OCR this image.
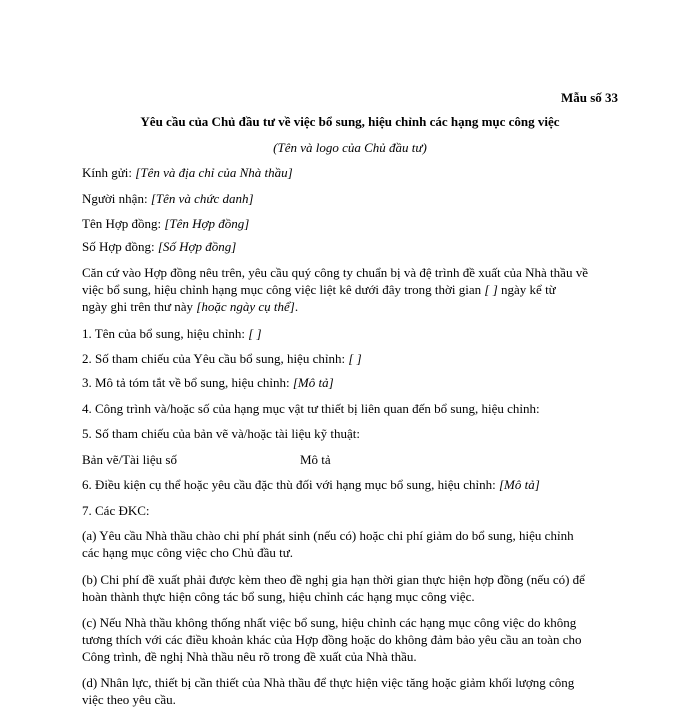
Mẫu số 33
Yêu cầu của Chủ đầu tư về việc bổ sung, hiệu chỉnh các hạng mục công việc
(Tên và logo của Chủ đầu tư)

Kính gửi: [Tên và địa chỉ của Nhà thầu]

Người nhận: [Tên và chức danh]

Tên Hợp đồng: [Tên Hợp đồng]

Số Hợp đồng: [Số Hợp đồng]

Căn cứ vào Hợp đồng nêu trên, yêu cầu quý công ty chuẩn bị và đệ trình đề xuất của Nhà thầu về

việc bổ sung, hiệu chỉnh hạng mục công việc liệt kê dưới đây trong thời gian [ ] ngày kể từ

ngày ghi trên thư này [hoặc ngày cụ thể].

1. Tên của bổ sung, hiệu chỉnh: [ ]

2. Số tham chiếu của Yêu cầu bổ sung, hiệu chỉnh: [ ]

3. Mô tả tóm tắt về bổ sung, hiệu chỉnh: [Mô tả]

4. Công trình và/hoặc số của hạng mục vật tư thiết bị liên quan đến bổ sung, hiệu chỉnh:

5. Số tham chiếu của bản vẽ và/hoặc tài liệu kỹ thuật:

Bản vẽ/Tài liệu số	Mô tả

6. Điều kiện cụ thể hoặc yêu cầu đặc thù đối với hạng mục bổ sung, hiệu chỉnh: [Mô tả]

7. Các ĐKC:

(a) Yêu cầu Nhà thầu chào chi phí phát sinh (nếu có) hoặc chi phí giảm do bổ sung, hiệu chỉnh

các hạng mục công việc cho Chủ đầu tư.

(b) Chi phí đề xuất phải được kèm theo đề nghị gia hạn thời gian thực hiện hợp đồng (nếu có) để

hoàn thành thực hiện công tác bổ sung, hiệu chỉnh các hạng mục công việc.

(c) Nếu Nhà thầu không thống nhất việc bổ sung, hiệu chỉnh các hạng mục công việc do không

tương thích với các điều khoản khác của Hợp đồng hoặc do không đảm bảo yêu cầu an toàn cho

Công trình, đề nghị Nhà thầu nêu rõ trong đề xuất của Nhà thầu.

(d) Nhân lực, thiết bị cần thiết của Nhà thầu để thực hiện việc tăng hoặc giảm khối lượng công

việc theo yêu cầu.
